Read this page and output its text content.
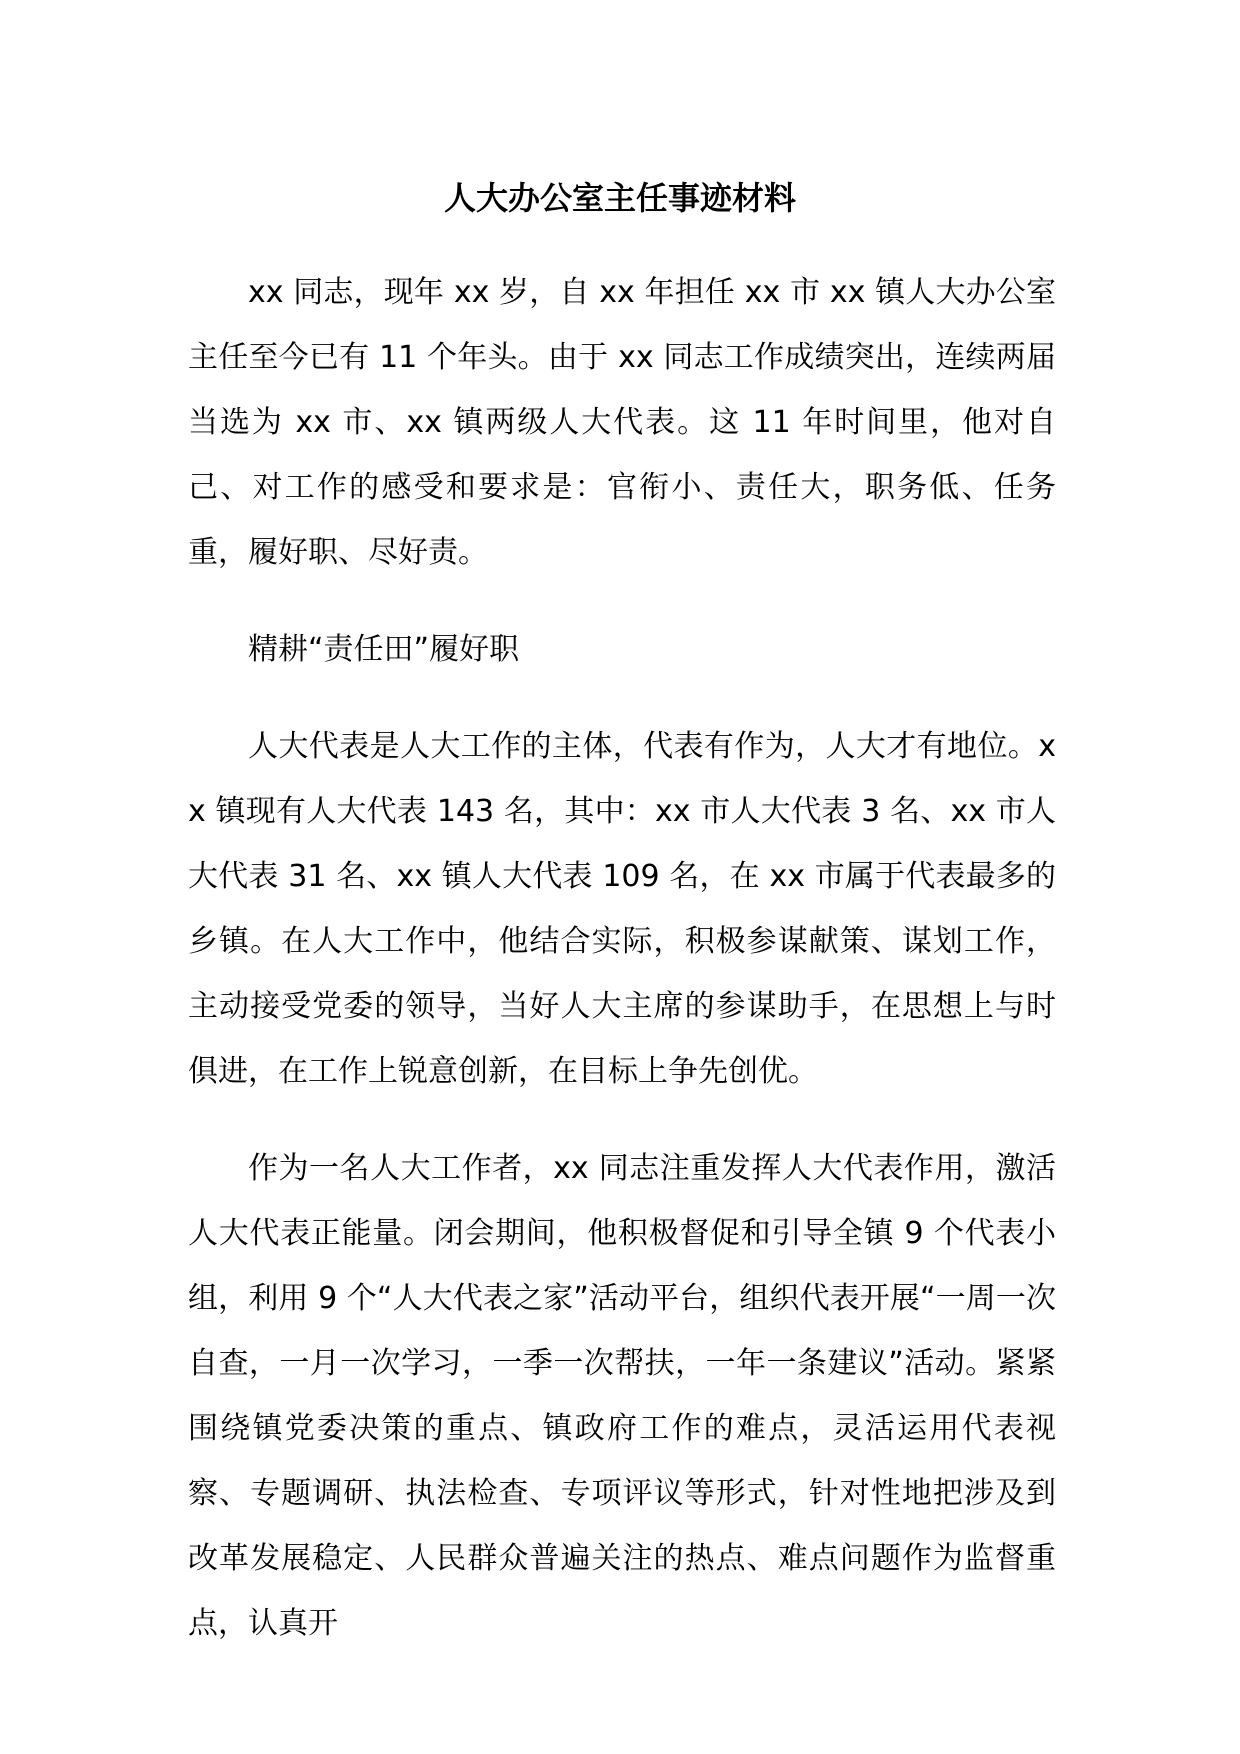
人大办公室主任事迹材料

xx 同志，现年 xx 岁，自 xx 年担任 xx 市 xx 镇人大办公室主任至今已有 11 个年头。由于 xx 同志工作成绩突出，连续两届当选为 xx 市、xx 镇两级人大代表。这 11 年时间里，他对自己、对工作的感受和要求是：官衔小、责任大，职务低、任务重，履好职、尽好责。

精耕“责任田”履好职

人大代表是人大工作的主体，代表有作为，人大才有地位。xx 镇现有人大代表 143 名，其中：xx 市人大代表 3 名、xx 市人大代表 31 名、xx 镇人大代表 109 名，在 xx 市属于代表最多的乡镇。在人大工作中，他结合实际，积极参谋献策、谋划工作，主动接受党委的领导，当好人大主席的参谋助手，在思想上与时俱进，在工作上锐意创新，在目标上争先创优。

作为一名人大工作者，xx 同志注重发挥人大代表作用，激活人大代表正能量。闭会期间，他积极督促和引导全镇 9 个代表小组，利用 9 个“人大代表之家”活动平台，组织代表开展“一周一次自查，一月一次学习，一季一次帮扶，一年一条建议”活动。紧紧围绕镇党委决策的重点、镇政府工作的难点，灵活运用代表视察、专题调研、执法检查、专项评议等形式，针对性地把涉及到改革发展稳定、人民群众普遍关注的热点、难点问题作为监督重点，认真开
